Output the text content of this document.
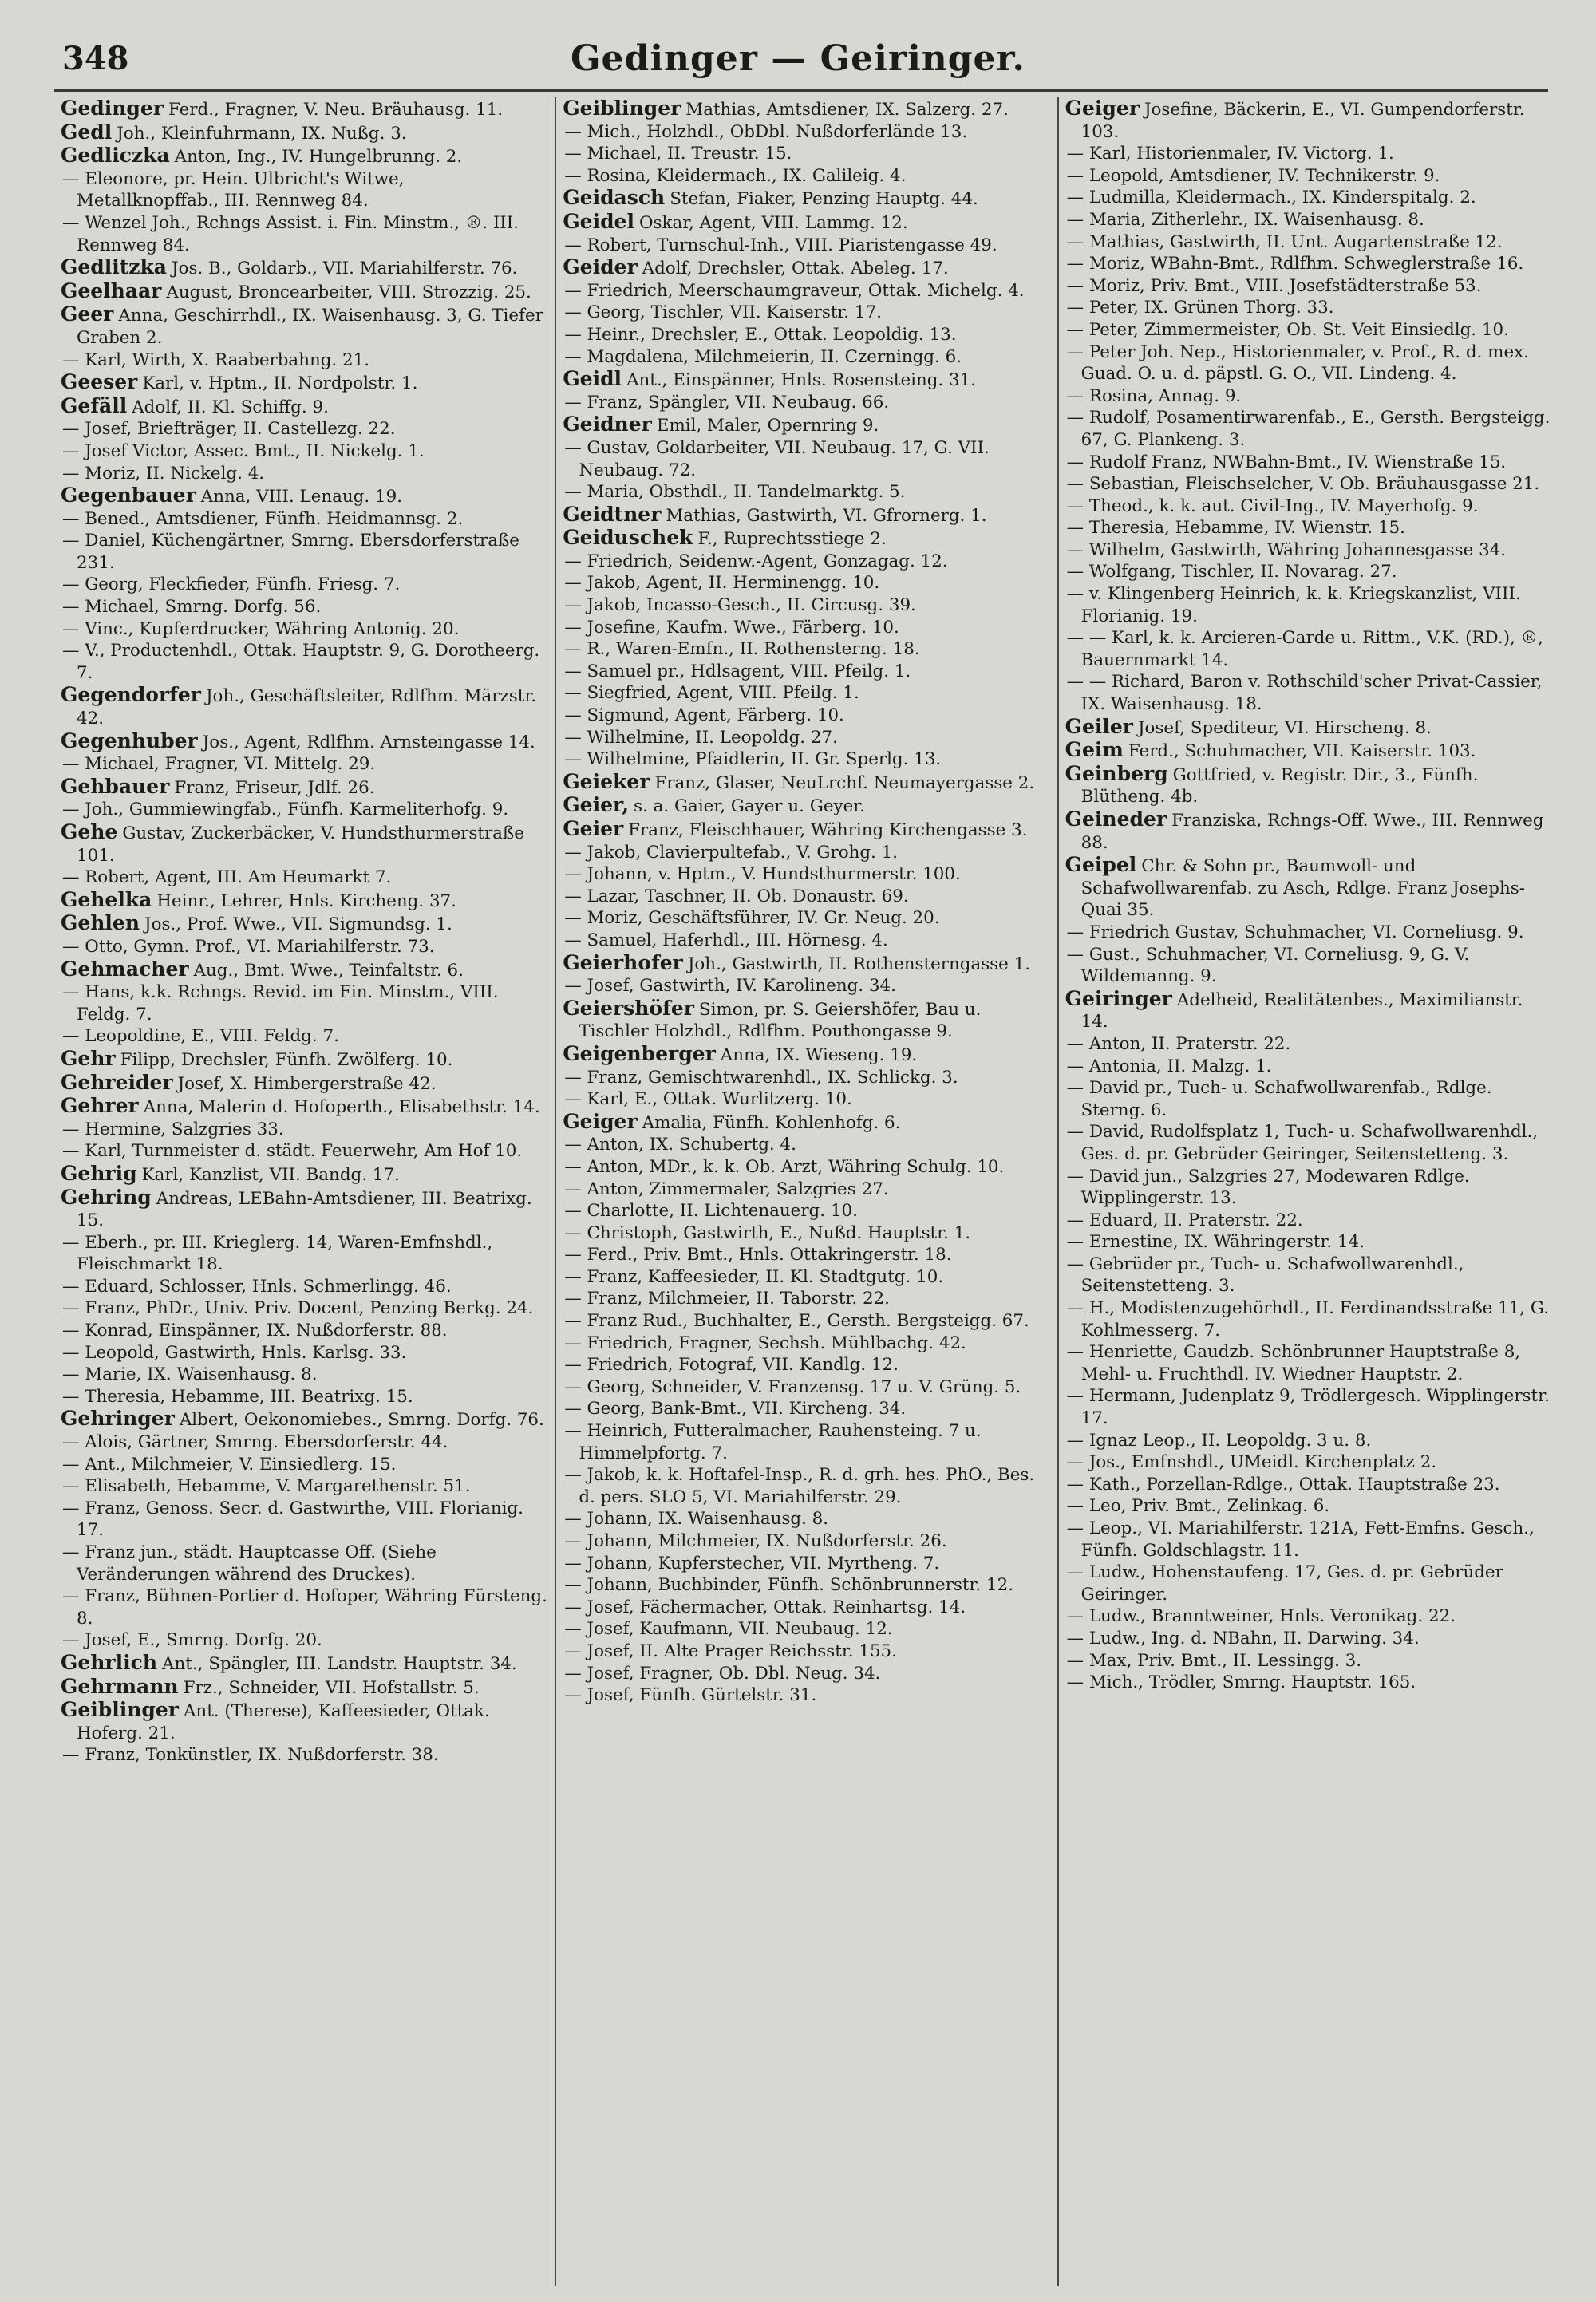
348	Gedinger — Geiringer.

Gedinger Ferd., Fragner, V. Neu. Bräuhausg. 11.

Gedl Joh., Kleinfuhrmann, IX. Nußg. 3.

Gedliczka Anton, Ing., IV. Hungelbrunng. 2.

— Eleonore, pr. Hein. Ulbricht's Witwe, Metallknopffab., III. Rennweg 84.

— Wenzel Joh., Rchngs Assist. i. Fin. Minstm., ®. III. Rennweg 84.

Gedlitzka Jos. B., Goldarb., VII. Mariahilferstr. 76.

Geelhaar August, Broncearbeiter, VIII. Strozzig. 25.

Geer Anna, Geschirrhdl., IX. Waisenhausg. 3, G. Tiefer Graben 2.

— Karl, Wirth, X. Raaberbahng. 21.

Geeser Karl, v. Hptm., II. Nordpolstr. 1.

Gefäll Adolf, II. Kl. Schiffg. 9.

— Josef, Briefträger, II. Castellezg. 22.

— Josef Victor, Assec. Bmt., II. Nickelg. 1.

— Moriz, II. Nickelg. 4.

Gegenbauer Anna, VIII. Lenaug. 19.

— Bened., Amtsdiener, Fünfh. Heidmannsg. 2.

— Daniel, Küchengärtner, Smrng. Ebersdorferstraße 231.

— Georg, Fleckfieder, Fünfh. Friesg. 7.

— Michael, Smrng. Dorfg. 56.

— Vinc., Kupferdrucker, Währing Antonig. 20.

— V., Productenhdl., Ottak. Hauptstr. 9, G. Dorotheerg. 7.

Gegendorfer Joh., Geschäftsleiter, Rdlfhm. Märzstr. 42.

Gegenhuber Jos., Agent, Rdlfhm. Arnsteingasse 14.

— Michael, Fragner, VI. Mittelg. 29.

Gehbauer Franz, Friseur, Jdlf. 26.

— Joh., Gummiewingfab., Fünfh. Karmeliterhofg. 9.

Gehe Gustav, Zuckerbäcker, V. Hundsthurmerstraße 101.

— Robert, Agent, III. Am Heumarkt 7.

Gehelka Heinr., Lehrer, Hnls. Kircheng. 37.

Gehlen Jos., Prof. Wwe., VII. Sigmundsg. 1.

— Otto, Gymn. Prof., VI. Mariahilferstr. 73.

Gehmacher Aug., Bmt. Wwe., Teinfaltstr. 6.

— Hans, k.k. Rchngs. Revid. im Fin. Minstm., VIII. Feldg. 7.

— Leopoldine, E., VIII. Feldg. 7.

Gehr Filipp, Drechsler, Fünfh. Zwölferg. 10.

Gehreider Josef, X. Himbergerstraße 42.

Gehrer Anna, Malerin d. Hofoperth., Elisabethstr. 14.

— Hermine, Salzgries 33.

— Karl, Turnmeister d. städt. Feuerwehr, Am Hof 10.

Gehrig Karl, Kanzlist, VII. Bandg. 17.

Gehring Andreas, LEBahn-Amtsdiener, III. Beatrixg. 15.

— Eberh., pr. III. Krieglerg. 14, Waren-Emfnshdl., Fleischmarkt 18.

— Eduard, Schlosser, Hnls. Schmerlingg. 46.

— Franz, PhDr., Univ. Priv. Docent, Penzing Berkg. 24.

— Konrad, Einspänner, IX. Nußdorferstr. 88.

— Leopold, Gastwirth, Hnls. Karlsg. 33.

— Marie, IX. Waisenhausg. 8.

— Theresia, Hebamme, III. Beatrixg. 15.

Gehringer Albert, Oekonomiebes., Smrng. Dorfg. 76.

— Alois, Gärtner, Smrng. Ebersdorferstr. 44.

— Ant., Milchmeier, V. Einsiedlerg. 15.

— Elisabeth, Hebamme, V. Margarethenstr. 51.

— Franz, Genoss. Secr. d. Gastwirthe, VIII. Florianig. 17.

— Franz jun., städt. Hauptcasse Off. (Siehe Veränderungen während des Druckes).

— Franz, Bühnen-Portier d. Hofoper, Währing Fürsteng. 8.

— Josef, E., Smrng. Dorfg. 20.

Gehrlich Ant., Spängler, III. Landstr. Hauptstr. 34.

Gehrmann Frz., Schneider, VII. Hofstallstr. 5.

Geiblinger Ant. (Therese), Kaffeesieder, Ottak. Hoferg. 21.

— Franz, Tonkünstler, IX. Nußdorferstr. 38.

Geiblinger Mathias, Amtsdiener, IX. Salzerg. 27.

— Mich., Holzhdl., ObDbl. Nußdorferlände 13.

— Michael, II. Treustr. 15.

— Rosina, Kleidermach., IX. Galileig. 4.

Geidasch Stefan, Fiaker, Penzing Hauptg. 44.

Geidel Oskar, Agent, VIII. Lammg. 12.

— Robert, Turnschul-Inh., VIII. Piaristengasse 49.

Geider Adolf, Drechsler, Ottak. Abeleg. 17.

— Friedrich, Meerschaumgraveur, Ottak. Michelg. 4.

— Georg, Tischler, VII. Kaiserstr. 17.

— Heinr., Drechsler, E., Ottak. Leopoldig. 13.

— Magdalena, Milchmeierin, II. Czerningg. 6.

Geidl Ant., Einspänner, Hnls. Rosensteing. 31.

— Franz, Spängler, VII. Neubaug. 66.

Geidner Emil, Maler, Opernring 9.

— Gustav, Goldarbeiter, VII. Neubaug. 17, G. VII. Neubaug. 72.

— Maria, Obsthdl., II. Tandelmarktg. 5.

Geidtner Mathias, Gastwirth, VI. Gfrornerg. 1.

Geiduschek F., Ruprechtsstiege 2.

— Friedrich, Seidenw.-Agent, Gonzagag. 12.

— Jakob, Agent, II. Herminengg. 10.

— Jakob, Incasso-Gesch., II. Circusg. 39.

— Josefine, Kaufm. Wwe., Färberg. 10.

— R., Waren-Emfn., II. Rothensterng. 18.

— Samuel pr., Hdlsagent, VIII. Pfeilg. 1.

— Siegfried, Agent, VIII. Pfeilg. 1.

— Sigmund, Agent, Färberg. 10.

— Wilhelmine, II. Leopoldg. 27.

— Wilhelmine, Pfaidlerin, II. Gr. Sperlg. 13.

Geieker Franz, Glaser, NeuLrchf. Neumayergasse 2.

Geier, s. a. Gaier, Gayer u. Geyer.

Geier Franz, Fleischhauer, Währing Kirchengasse 3.

— Jakob, Clavierpultefab., V. Grohg. 1.

— Johann, v. Hptm., V. Hundsthurmerstr. 100.

— Lazar, Taschner, II. Ob. Donaustr. 69.

— Moriz, Geschäftsführer, IV. Gr. Neug. 20.

— Samuel, Haferhdl., III. Hörnesg. 4.

Geierhofer Joh., Gastwirth, II. Rothensterngasse 1.

— Josef, Gastwirth, IV. Karolineng. 34.

Geiershöfer Simon, pr. S. Geiershöfer, Bau u. Tischler Holzhdl., Rdlfhm. Pouthongasse 9.

Geigenberger Anna, IX. Wieseng. 19.

— Franz, Gemischtwarenhdl., IX. Schlickg. 3.

— Karl, E., Ottak. Wurlitzerg. 10.

Geiger Amalia, Fünfh. Kohlenhofg. 6.

— Anton, IX. Schubertg. 4.

— Anton, MDr., k. k. Ob. Arzt, Währing Schulg. 10.

— Anton, Zimmermaler, Salzgries 27.

— Charlotte, II. Lichtenauerg. 10.

— Christoph, Gastwirth, E., Nußd. Hauptstr. 1.

— Ferd., Priv. Bmt., Hnls. Ottakringerstr. 18.

— Franz, Kaffeesieder, II. Kl. Stadtgutg. 10.

— Franz, Milchmeier, II. Taborstr. 22.

— Franz Rud., Buchhalter, E., Gersth. Bergsteigg. 67.

— Friedrich, Fragner, Sechsh. Mühlbachg. 42.

— Friedrich, Fotograf, VII. Kandlg. 12.

— Georg, Schneider, V. Franzensg. 17 u. V. Grüng. 5.

— Georg, Bank-Bmt., VII. Kircheng. 34.

— Heinrich, Futteralmacher, Rauhensteing. 7 u. Himmelpfortg. 7.

— Jakob, k. k. Hoftafel-Insp., R. d. grh. hes. PhO., Bes. d. pers. SLO 5, VI. Mariahilferstr. 29.

— Johann, IX. Waisenhausg. 8.

— Johann, Milchmeier, IX. Nußdorferstr. 26.

— Johann, Kupferstecher, VII. Myrtheng. 7.

— Johann, Buchbinder, Fünfh. Schönbrunnerstr. 12.

— Josef, Fächermacher, Ottak. Reinhartsg. 14.

— Josef, Kaufmann, VII. Neubaug. 12.

— Josef, II. Alte Prager Reichsstr. 155.

— Josef, Fragner, Ob. Dbl. Neug. 34.

— Josef, Fünfh. Gürtelstr. 31.

Geiger Josefine, Bäckerin, E., VI. Gumpendorferstr. 103.

— Karl, Historienmaler, IV. Victorg. 1.

— Leopold, Amtsdiener, IV. Technikerstr. 9.

— Ludmilla, Kleidermach., IX. Kinderspitalg. 2.

— Maria, Zitherlehr., IX. Waisenhausg. 8.

— Mathias, Gastwirth, II. Unt. Augartenstraße 12.

— Moriz, WBahn-Bmt., Rdlfhm. Schweglerstraße 16.

— Moriz, Priv. Bmt., VIII. Josefstädterstraße 53.

— Peter, IX. Grünen Thorg. 33.

— Peter, Zimmermeister, Ob. St. Veit Einsiedlg. 10.

— Peter Joh. Nep., Historienmaler, v. Prof., R. d. mex. Guad. O. u. d. päpstl. G. O., VII. Lindeng. 4.

— Rosina, Annag. 9.

— Rudolf, Posamentirwarenfab., E., Gersth. Bergsteigg. 67, G. Plankeng. 3.

— Rudolf Franz, NWBahn-Bmt., IV. Wienstraße 15.

— Sebastian, Fleischselcher, V. Ob. Bräuhausgasse 21.

— Theod., k. k. aut. Civil-Ing., IV. Mayerhofg. 9.

— Theresia, Hebamme, IV. Wienstr. 15.

— Wilhelm, Gastwirth, Währing Johannesgasse 34.

— Wolfgang, Tischler, II. Novarag. 27.

— v. Klingenberg Heinrich, k. k. Kriegskanzlist, VIII. Florianig. 19.

— — Karl, k. k. Arcieren-Garde u. Rittm., V.K. (RD.), ®, Bauernmarkt 14.

— — Richard, Baron v. Rothschild'scher Privat-Cassier, IX. Waisenhausg. 18.

Geiler Josef, Spediteur, VI. Hirscheng. 8.

Geim Ferd., Schuhmacher, VII. Kaiserstr. 103.

Geinberg Gottfried, v. Registr. Dir., 3., Fünfh. Blütheng. 4b.

Geineder Franziska, Rchngs-Off. Wwe., III. Rennweg 88.

Geipel Chr. & Sohn pr., Baumwoll- und Schafwollwarenfab. zu Asch, Rdlge. Franz Josephs-Quai 35.

— Friedrich Gustav, Schuhmacher, VI. Corneliusg. 9.

— Gust., Schuhmacher, VI. Corneliusg. 9, G. V. Wildemanng. 9.

Geiringer Adelheid, Realitätenbes., Maximilianstr. 14.

— Anton, II. Praterstr. 22.

— Antonia, II. Malzg. 1.

— David pr., Tuch- u. Schafwollwarenfab., Rdlge. Sterng. 6.

— David, Rudolfsplatz 1, Tuch- u. Schafwollwarenhdl., Ges. d. pr. Gebrüder Geiringer, Seitenstetteng. 3.

— David jun., Salzgries 27, Modewaren Rdlge. Wipplingerstr. 13.

— Eduard, II. Praterstr. 22.

— Ernestine, IX. Währingerstr. 14.

— Gebrüder pr., Tuch- u. Schafwollwarenhdl., Seitenstetteng. 3.

— H., Modistenzugehörhdl., II. Ferdinandsstraße 11, G. Kohlmesserg. 7.

— Henriette, Gaudzb. Schönbrunner Hauptstraße 8, Mehl- u. Fruchthdl. IV. Wiedner Hauptstr. 2.

— Hermann, Judenplatz 9, Trödlergesch. Wipplingerstr. 17.

— Ignaz Leop., II. Leopoldg. 3 u. 8.

— Jos., Emfnshdl., UMeidl. Kirchenplatz 2.

— Kath., Porzellan-Rdlge., Ottak. Hauptstraße 23.

— Leo, Priv. Bmt., Zelinkag. 6.

— Leop., VI. Mariahilferstr. 121A, Fett-Emfns. Gesch., Fünfh. Goldschlagstr. 11.

— Ludw., Hohenstaufeng. 17, Ges. d. pr. Gebrüder Geiringer.

— Ludw., Branntweiner, Hnls. Veronikag. 22.

— Ludw., Ing. d. NBahn, II. Darwing. 34.

— Max, Priv. Bmt., II. Lessingg. 3.

— Mich., Trödler, Smrng. Hauptstr. 165.
